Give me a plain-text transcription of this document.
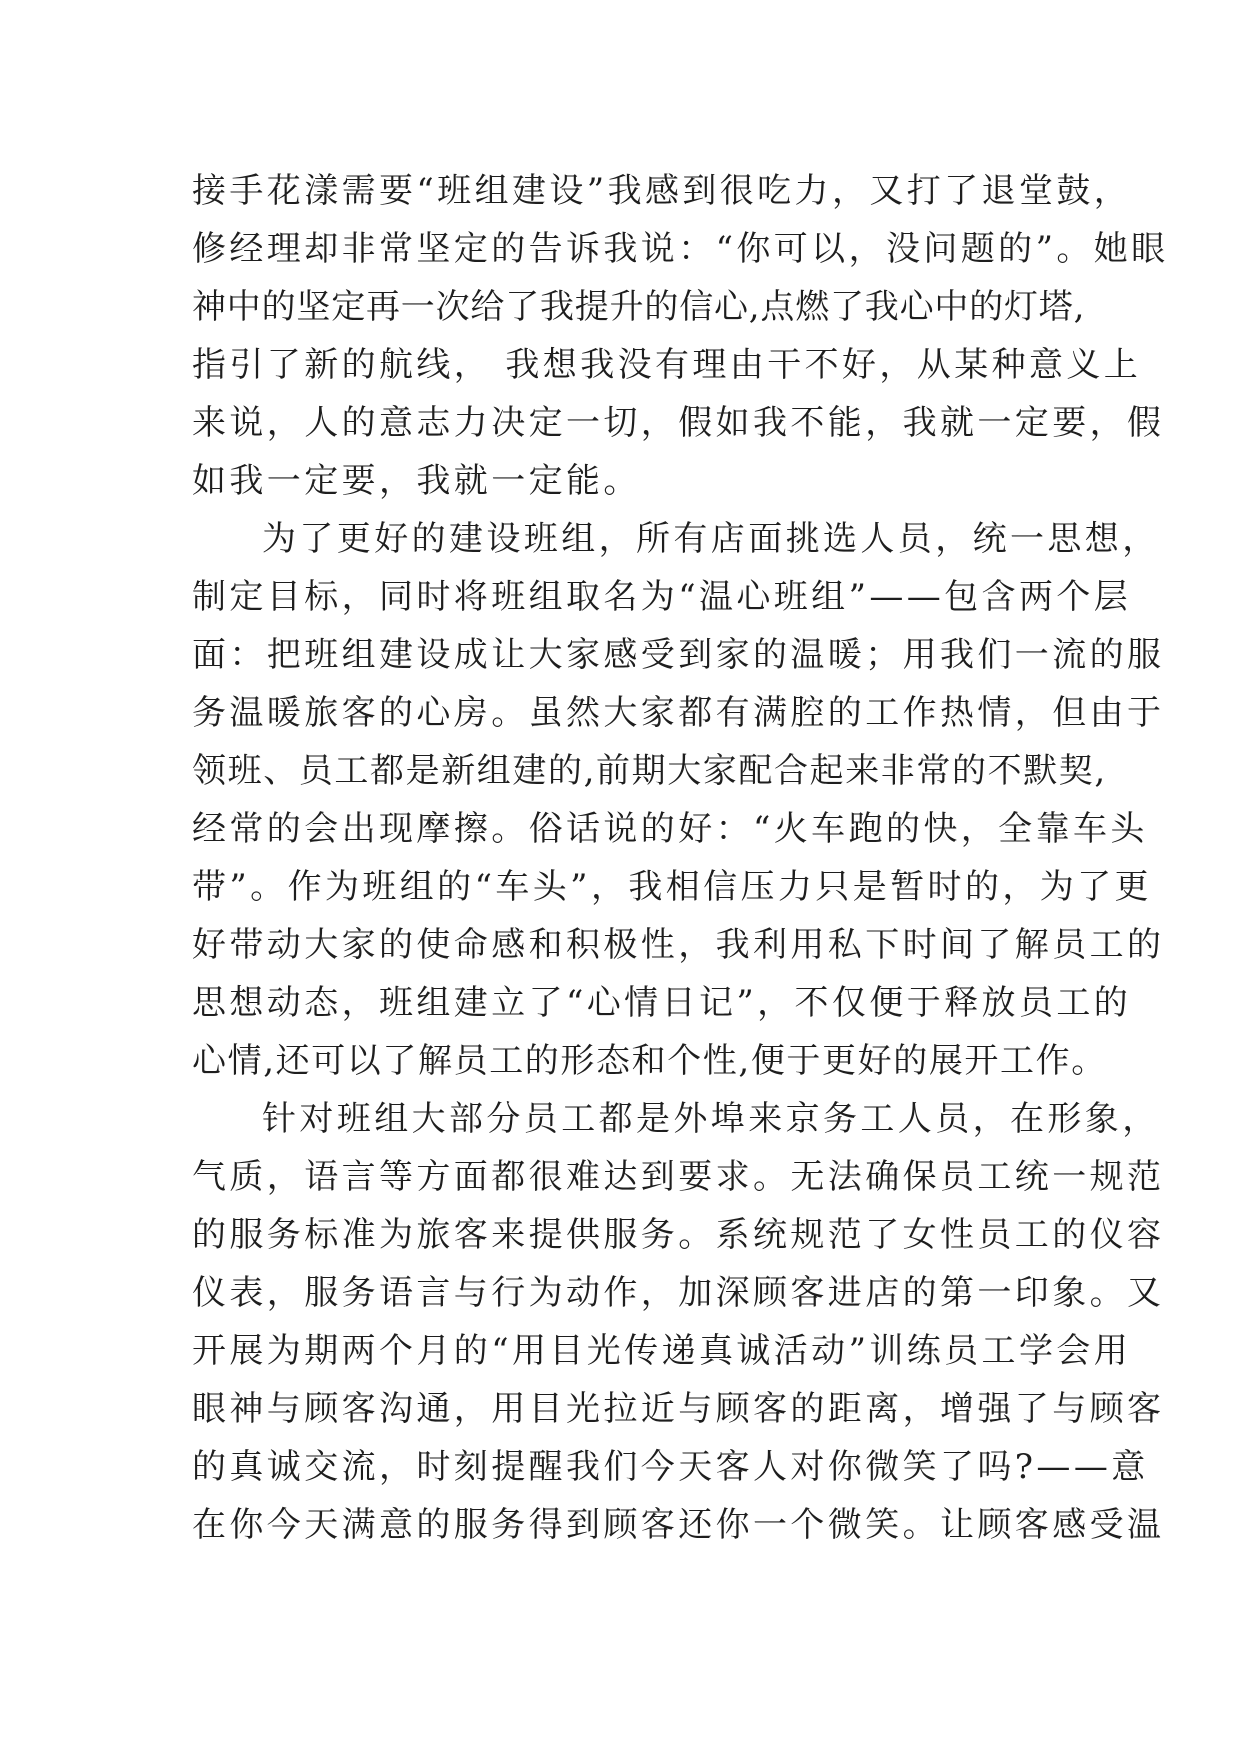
接手花漾需要“班组建设”我感到很吃力，又打了退堂鼓，
修经理却非常坚定的告诉我说：“你可以，没问题的”。她眼
神中的坚定再一次给了我提升的信心,点燃了我心中的灯塔,
指引了新的航线， 我想我没有理由干不好，从某种意义上
来说，人的意志力决定一切，假如我不能，我就一定要，假
如我一定要，我就一定能。
为了更好的建设班组，所有店面挑选人员，统一思想，
制定目标，同时将班组取名为“温心班组”——包含两个层
面：把班组建设成让大家感受到家的温暖；用我们一流的服
务温暖旅客的心房。虽然大家都有满腔的工作热情，但由于
领班、员工都是新组建的,前期大家配合起来非常的不默契,
经常的会出现摩擦。俗话说的好：“火车跑的快，全靠车头
带”。作为班组的“车头”，我相信压力只是暂时的，为了更
好带动大家的使命感和积极性，我利用私下时间了解员工的
思想动态，班组建立了“心情日记”，不仅便于释放员工的
心情,还可以了解员工的形态和个性,便于更好的展开工作。
针对班组大部分员工都是外埠来京务工人员，在形象，
气质，语言等方面都很难达到要求。无法确保员工统一规范
的服务标准为旅客来提供服务。系统规范了女性员工的仪容
仪表，服务语言与行为动作，加深顾客进店的第一印象。又
开展为期两个月的“用目光传递真诚活动”训练员工学会用
眼神与顾客沟通，用目光拉近与顾客的距离，增强了与顾客
的真诚交流，时刻提醒我们今天客人对你微笑了吗?——意
在你今天满意的服务得到顾客还你一个微笑。让顾客感受温
